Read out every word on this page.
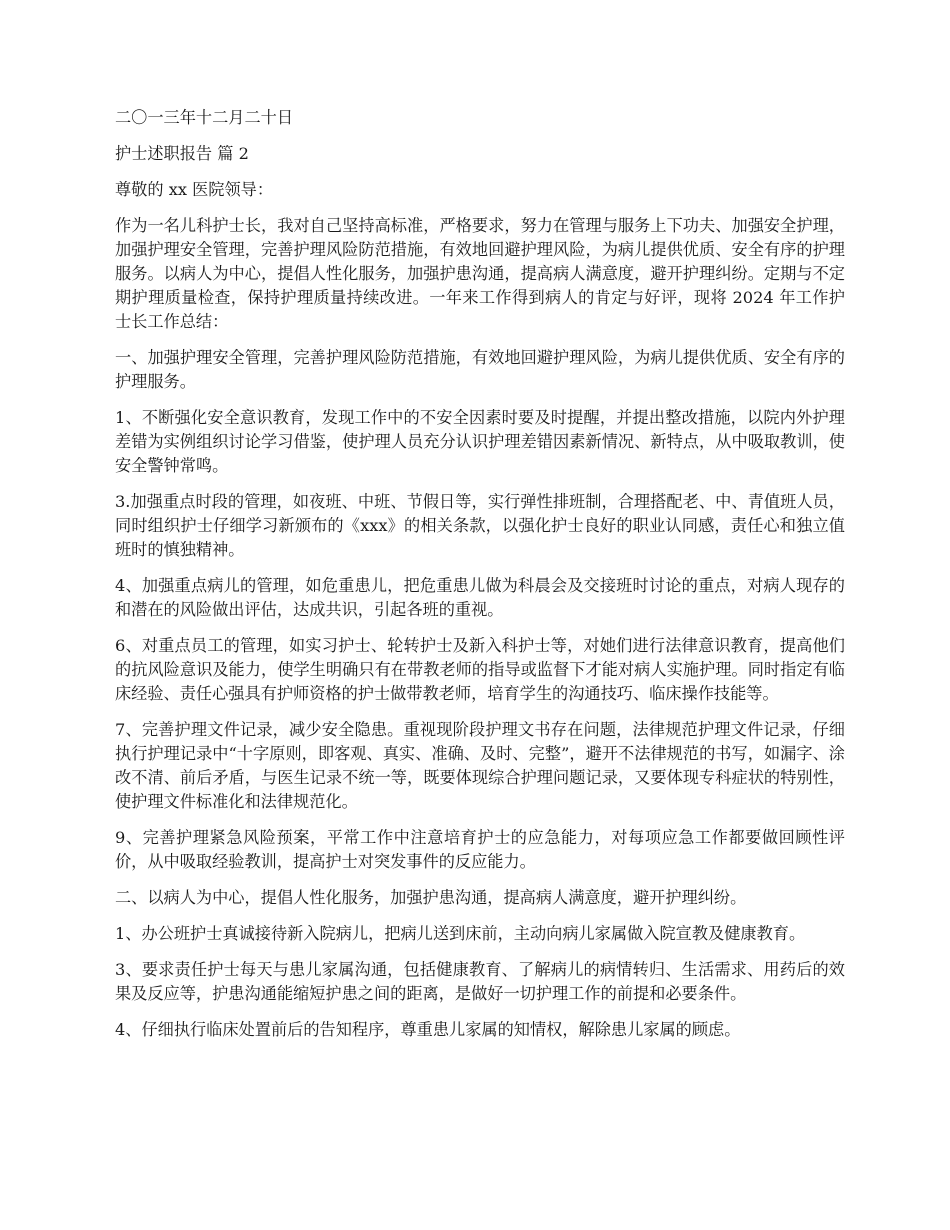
二〇一三年十二月二十日

护士述职报告 篇 2

尊敬的 xx 医院领导：

作为一名儿科护士长，我对自己坚持高标准，严格要求，努力在管理与服务上下功夫、加强安全护理，加强护理安全管理，完善护理风险防范措施，有效地回避护理风险，为病儿提供优质、安全有序的护理服务。以病人为中心，提倡人性化服务，加强护患沟通，提高病人满意度，避开护理纠纷。定期与不定期护理质量检查，保持护理质量持续改进。一年来工作得到病人的肯定与好评，现将 2024 年工作护士长工作总结：

一、加强护理安全管理，完善护理风险防范措施，有效地回避护理风险，为病儿提供优质、安全有序的护理服务。

1、不断强化安全意识教育，发现工作中的不安全因素时要及时提醒，并提出整改措施，以院内外护理差错为实例组织讨论学习借鉴，使护理人员充分认识护理差错因素新情况、新特点，从中吸取教训，使安全警钟常鸣。

3.加强重点时段的管理，如夜班、中班、节假日等，实行弹性排班制，合理搭配老、中、青值班人员，同时组织护士仔细学习新颁布的《xxx》的相关条款，以强化护士良好的职业认同感，责任心和独立值班时的慎独精神。

4、加强重点病儿的管理，如危重患儿，把危重患儿做为科晨会及交接班时讨论的重点，对病人现存的和潜在的风险做出评估，达成共识，引起各班的重视。

6、对重点员工的管理，如实习护士、轮转护士及新入科护士等，对她们进行法律意识教育，提高他们的抗风险意识及能力，使学生明确只有在带教老师的指导或监督下才能对病人实施护理。同时指定有临床经验、责任心强具有护师资格的护士做带教老师，培育学生的沟通技巧、临床操作技能等。

7、完善护理文件记录，减少安全隐患。重视现阶段护理文书存在问题，法律规范护理文件记录，仔细执行护理记录中“十字原则，即客观、真实、准确、及时、完整”，避开不法律规范的书写，如漏字、涂改不清、前后矛盾，与医生记录不统一等，既要体现综合护理问题记录，又要体现专科症状的特别性，使护理文件标准化和法律规范化。

9、完善护理紧急风险预案，平常工作中注意培育护士的应急能力，对每项应急工作都要做回顾性评价，从中吸取经验教训，提高护士对突发事件的反应能力。

二、以病人为中心，提倡人性化服务，加强护患沟通，提高病人满意度，避开护理纠纷。

1、办公班护士真诚接待新入院病儿，把病儿送到床前，主动向病儿家属做入院宣教及健康教育。

3、要求责任护士每天与患儿家属沟通，包括健康教育、了解病儿的病情转归、生活需求、用药后的效果及反应等，护患沟通能缩短护患之间的距离，是做好一切护理工作的前提和必要条件。

4、仔细执行临床处置前后的告知程序，尊重患儿家属的知情权，解除患儿家属的顾虑。
